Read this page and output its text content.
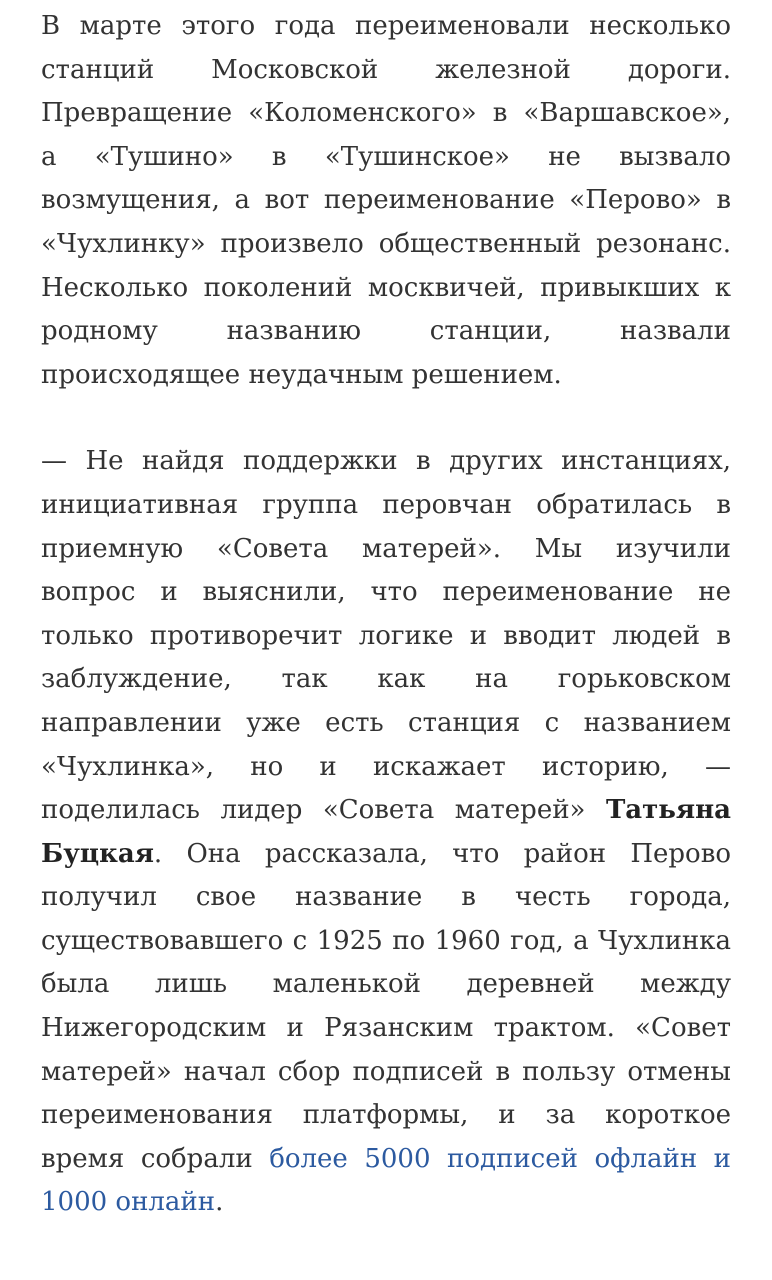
В марте этого года переименовали несколько станций Московской железной дороги. Превращение «Коломенского» в «Варшавское», а «Тушино» в «Тушинское» не вызвало возмущения, а вот переименование «Перово» в «Чухлинку» произвело общественный резонанс. Несколько поколений москвичей, привыкших к родному названию станции, назвали происходящее неудачным решением.

— Не найдя поддержки в других инстанциях, инициативная группа перовчан обратилась в приемную «Совета матерей». Мы изучили вопрос и выяснили, что переименование не только противоречит логике и вводит людей в заблуждение, так как на горьковском направлении уже есть станция с названием «Чухлинка», но и искажает историю, — поделилась лидер «Совета матерей» Татьяна Буцкая. Она рассказала, что район Перово получил свое название в честь города, существовавшего с 1925 по 1960 год, а Чухлинка была лишь маленькой деревней между Нижегородским и Рязанским трактом. «Совет матерей» начал сбор подписей в пользу отмены переименования платформы, и за короткое время собрали более 5000 подписей офлайн и 1000 онлайн.
